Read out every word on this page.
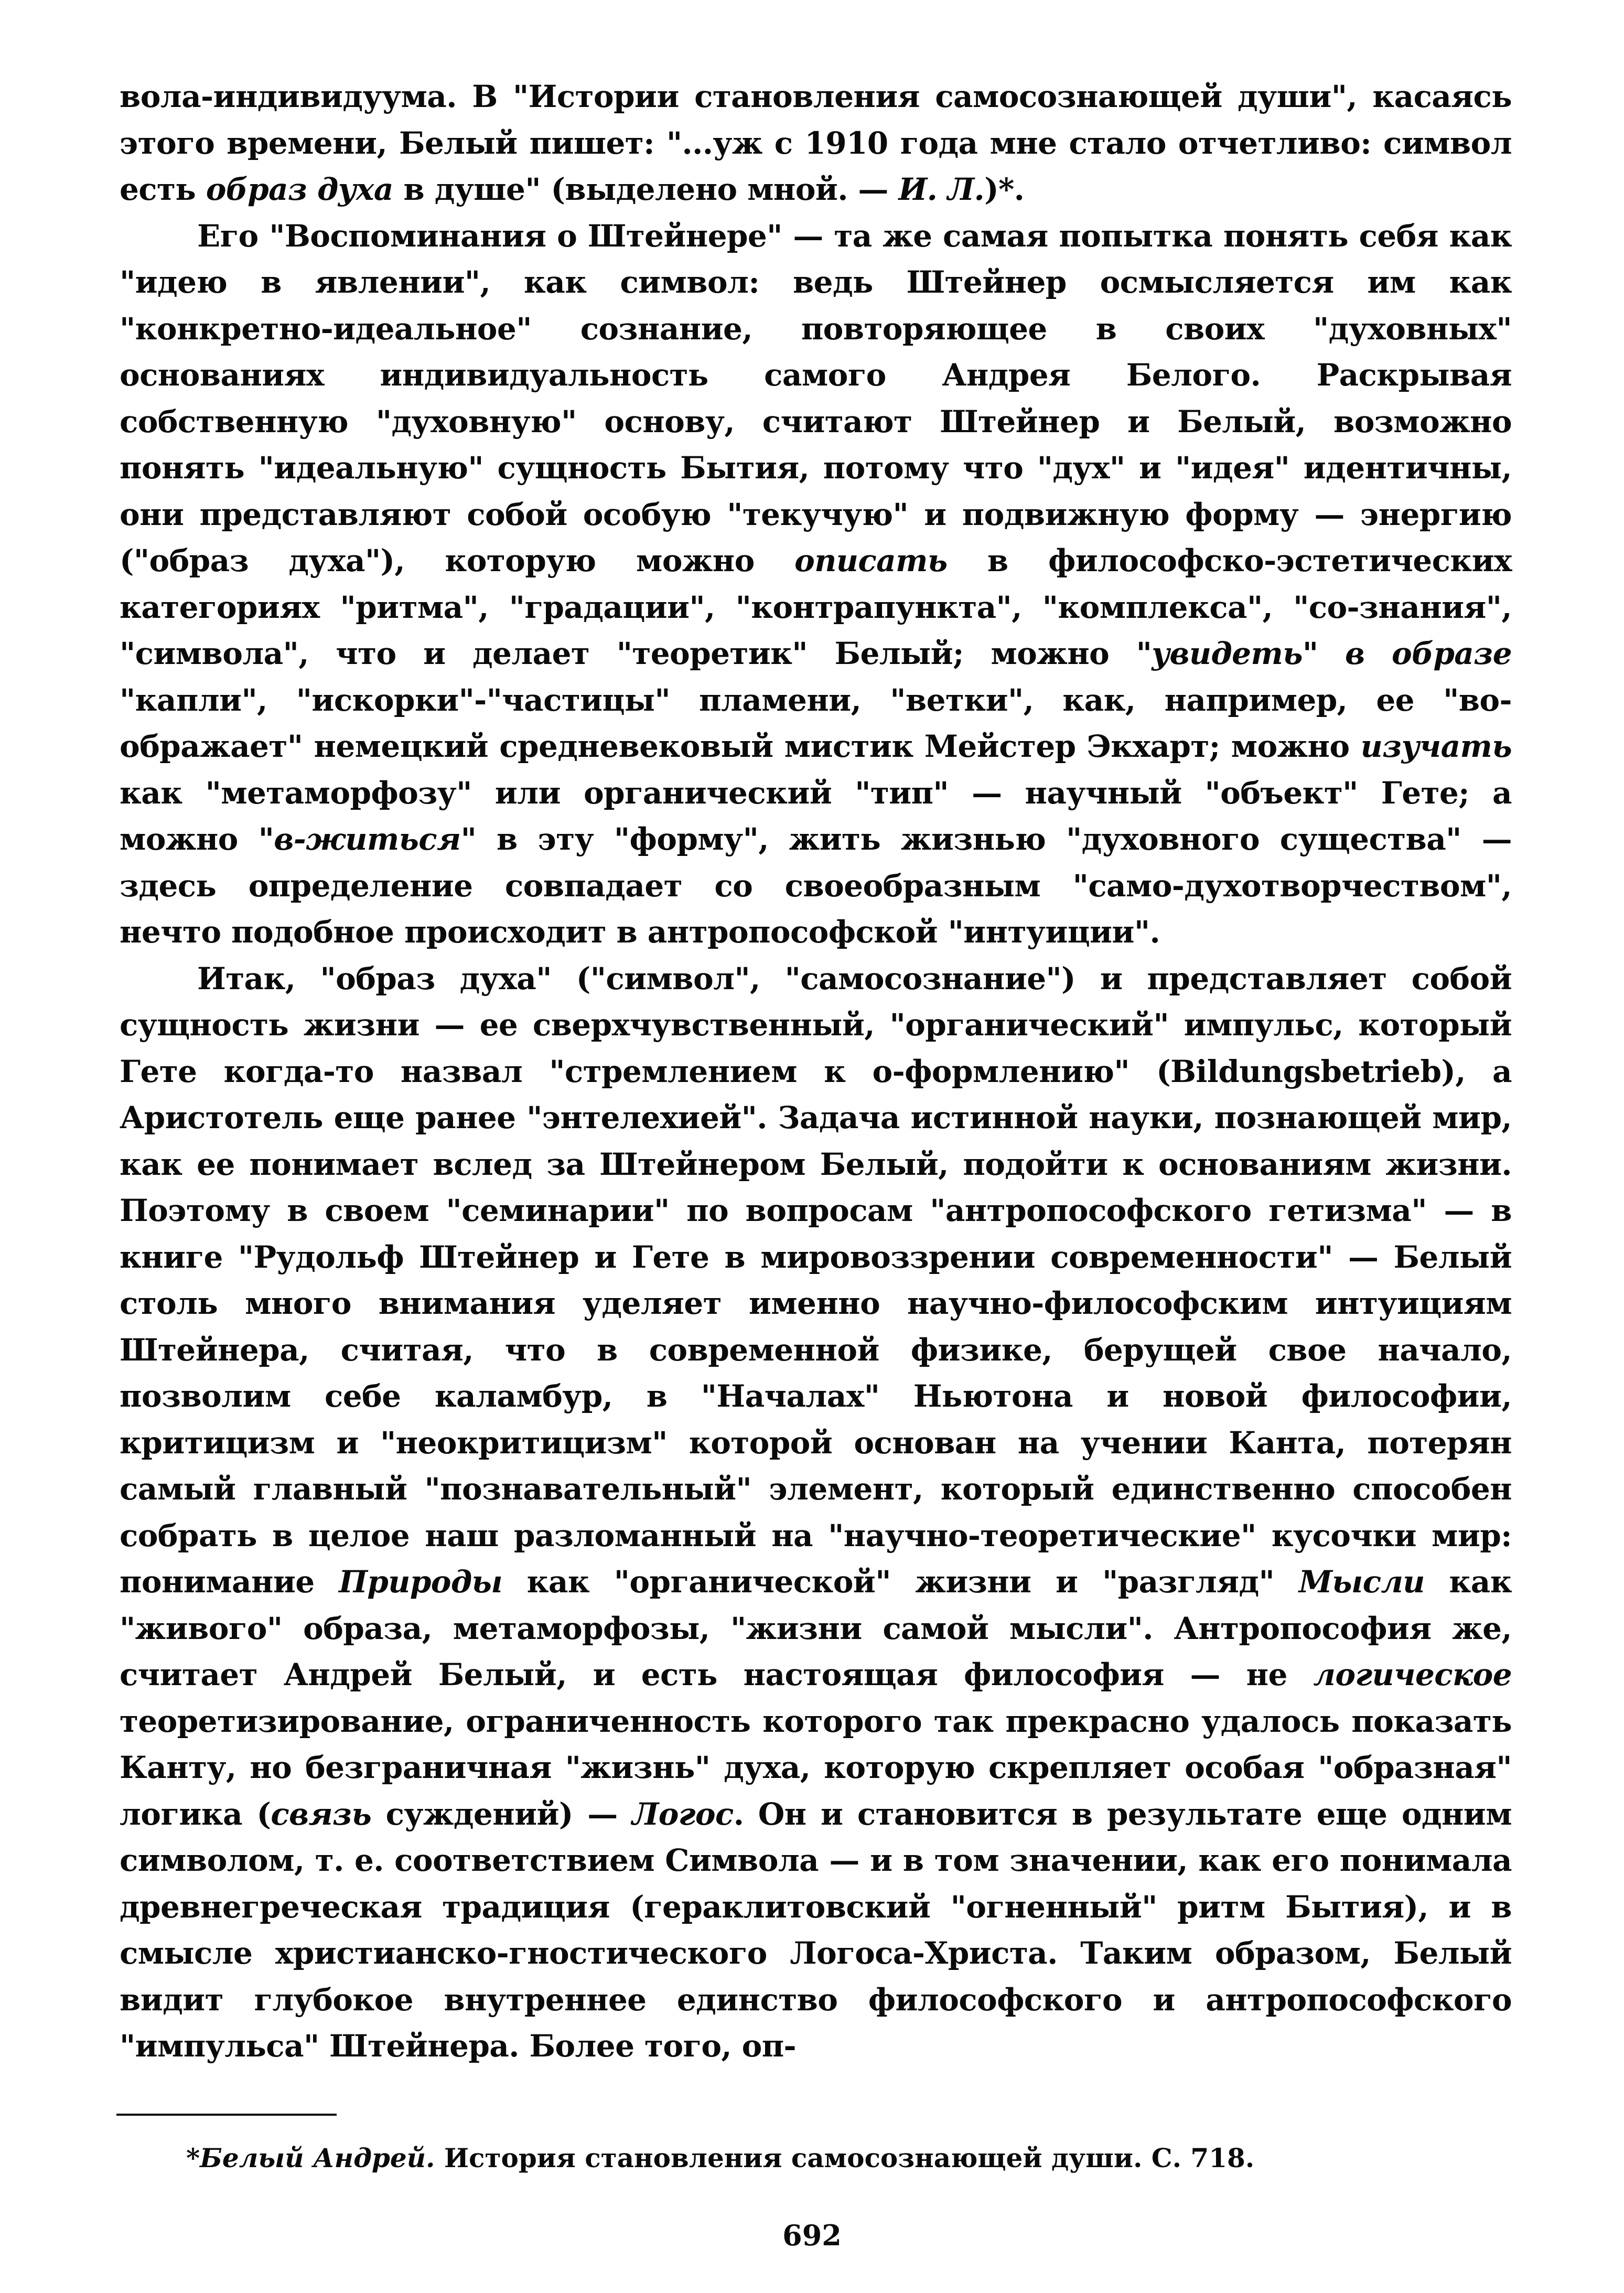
вола-индивидуума. В "Истории становления самосознающей души", касаясь этого времени, Белый пишет: "...уж с 1910 года мне стало отчетливо: символ есть образ духа в душе" (выделено мной. — И. Л.)*.

Его "Воспоминания о Штейнере" — та же самая попытка понять себя как "идею в явлении", как символ: ведь Штейнер осмысляется им как "конкретно-идеальное" сознание, повторяющее в своих "духовных" основаниях индивидуальность самого Андрея Белого. Раскрывая собственную "духовную" основу, считают Штейнер и Белый, возможно понять "идеальную" сущность Бытия, потому что "дух" и "идея" идентичны, они представляют собой особую "текучую" и подвижную форму — энергию ("образ духа"), которую можно описать в философско-эстетических категориях "ритма", "градации", "контрапункта", "комплекса", "со-знания", "символа", что и делает "теоретик" Белый; можно "увидеть" в образе "капли", "искорки"-"частицы" пламени, "ветки", как, например, ее "во-ображает" немецкий средневековый мистик Мейстер Экхарт; можно изучать как "метаморфозу" или органический "тип" — научный "объект" Гете; а можно "в-житься" в эту "форму", жить жизнью "духовного существа" — здесь определение совпадает со своеобразным "само-духотворчеством", нечто подобное происходит в антропософской "интуиции".

Итак, "образ духа" ("символ", "самосознание") и представляет собой сущность жизни — ее сверхчувственный, "органический" импульс, который Гете когда-то назвал "стремлением к о-формлению" (Bildungsbetrieb), а Аристотель еще ранее "энтелехией". Задача истинной науки, познающей мир, как ее понимает вслед за Штейнером Белый, подойти к основаниям жизни. Поэтому в своем "семинарии" по вопросам "антропософского гетизма" — в книге "Рудольф Штейнер и Гете в мировоззрении современности" — Белый столь много внимания уделяет именно научно-философским интуициям Штейнера, считая, что в современной физике, берущей свое начало, позволим себе каламбур, в "Началах" Ньютона и новой философии, критицизм и "неокритицизм" которой основан на учении Канта, потерян самый главный "познавательный" элемент, который единственно способен собрать в целое наш разломанный на "научно-теоретические" кусочки мир: понимание Природы как "органической" жизни и "разгляд" Мысли как "живого" образа, метаморфозы, "жизни самой мысли". Антропософия же, считает Андрей Белый, и есть настоящая философия — не логическое теоретизирование, ограниченность которого так прекрасно удалось показать Канту, но безграничная "жизнь" духа, которую скрепляет особая "образная" логика (связь суждений) — Логос. Он и становится в результате еще одним символом, т. е. соответствием Символа — и в том значении, как его понимала древнегреческая традиция (гераклитовский "огненный" ритм Бытия), и в смысле христианско-гностического Логоса-Христа. Таким образом, Белый видит глубокое внутреннее единство философского и антропософского "импульса" Штейнера. Более того, оп-

*Белый Андрей. История становления самосознающей души. С. 718.
692
